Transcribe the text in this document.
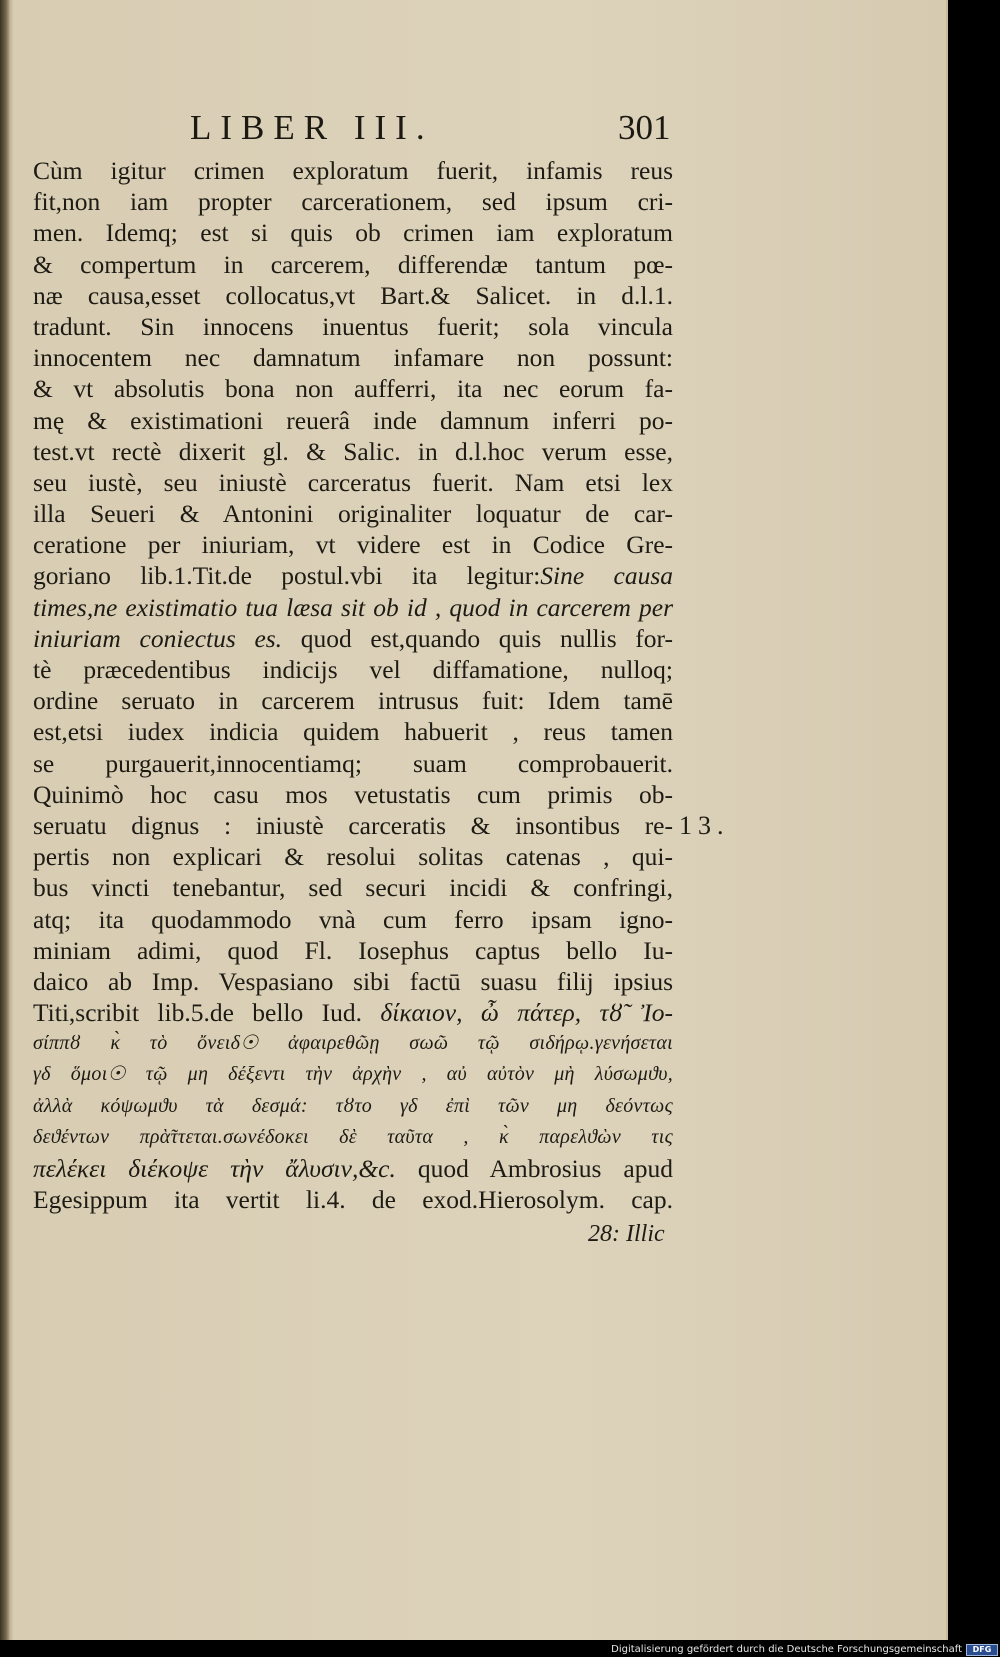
LIBER III.	301
Cùm igitur crimen exploratum fuerit, infamis reus
fit,non iam propter carcerationem, sed ipsum cri-
men. Idemq; est si quis ob crimen iam exploratum
& compertum in carcerem, differendæ tantum pœ-
næ causa,esset collocatus,vt Bart.& Salicet. in d.l.1.
tradunt. Sin innocens inuentus fuerit; sola vincula
innocentem nec damnatum infamare non possunt:
& vt absolutis bona non aufferri, ita nec eorum fa-
mę & existimationi reuerâ inde damnum inferri po-
test.vt rectè dixerit gl. & Salic. in d.l.hoc verum esse,
seu iustè, seu iniustè carceratus fuerit. Nam etsi lex
illa Seueri & Antonini originaliter loquatur de car-
ceratione per iniuriam, vt videre est in Codice Gre-
goriano lib.1.Tit.de postul.vbi ita legitur:Sine causa
times,ne existimatio tua læsa sit ob id , quod in carcerem per
iniuriam coniectus es. quod est,quando quis nullis for-
tè præcedentibus indicijs vel diffamatione, nulloq;
ordine seruato in carcerem intrusus fuit: Idem tamē
est,etsi iudex indicia quidem habuerit , reus tamen
se purgauerit,innocentiamq; suam comprobauerit.
Quinimò hoc casu mos vetustatis cum primis ob-
seruatu dignus : iniustè carceratis & insontibus re-
pertis non explicari & resolui solitas catenas , qui-
bus vincti tenebantur, sed securi incidi & confringi,
atq; ita quodammodo vnà cum ferro ipsam igno-
miniam adimi, quod Fl. Iosephus captus bello Iu-
daico ab Imp. Vespasiano sibi factū suasu filij ipsius
Titi,scribit lib.5.de bello Iud. δίκαιον, ὦ πάτερ, τȣ̃ Ἰο-
σίππȣ κ̀ τὸ ὄνειδ☉ ἀφαιρεθῶῃ σωῶ τῷ σιδήρῳ.γενήσεται
γδ ὅμοι☉ τῷ μη δέξεντι τὴν ἀρχὴν , αὐ αὐτὸν μὴ λύσωμϑυ,
ἀλλὰ κόψωμϑυ τὰ δεσμά: τȣτο γδ ἐπὶ τῶν μη δεόντως
δεϑέντων πρὰ̃ττεται.σωνέδοκει δὲ ταῦτα , κ̀ παρελϑὼν τις
πελέκει διέκοψε τὴν ἄλυσιν,&c. quod Ambrosius apud
Egesippum ita vertit li.4. de exod.Hierosolym. cap.
13.
28: Illic
Digitalisierung gefördert durch die Deutsche Forschungsgemeinschaft	DFG
